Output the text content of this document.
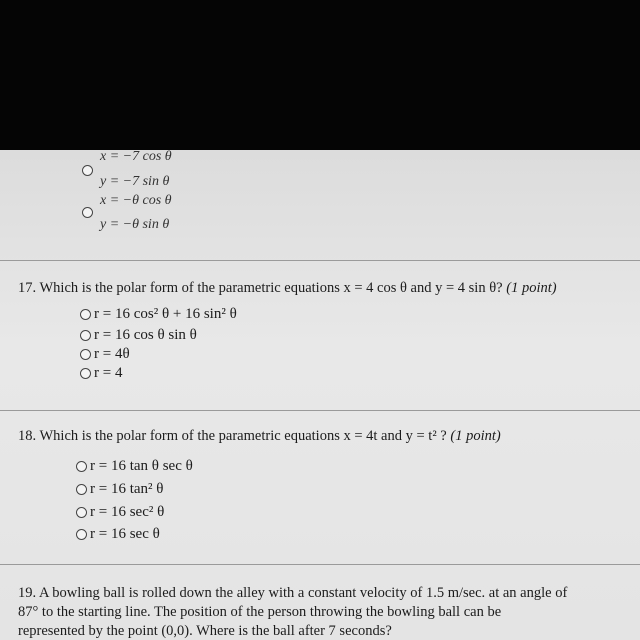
x = −7 cos θ
y = −7 sin θ
x = −θ cos θ
y = −θ sin θ
17. Which is the polar form of the parametric equations x = 4 cos θ and y = 4 sin θ? (1 point)
r = 16 cos² θ + 16 sin² θ
r = 16 cos θ sin θ
r = 4θ
r = 4
18. Which is the polar form of the parametric equations x = 4t and y = t² ? (1 point)
r = 16 tan θ sec θ
r = 16 tan² θ
r = 16 sec² θ
r = 16 sec θ
19. A bowling ball is rolled down the alley with a constant velocity of 1.5 m/sec. at an angle of
87° to the starting line. The position of the person throwing the bowling ball can be
represented by the point (0,0). Where is the ball after 7 seconds?
